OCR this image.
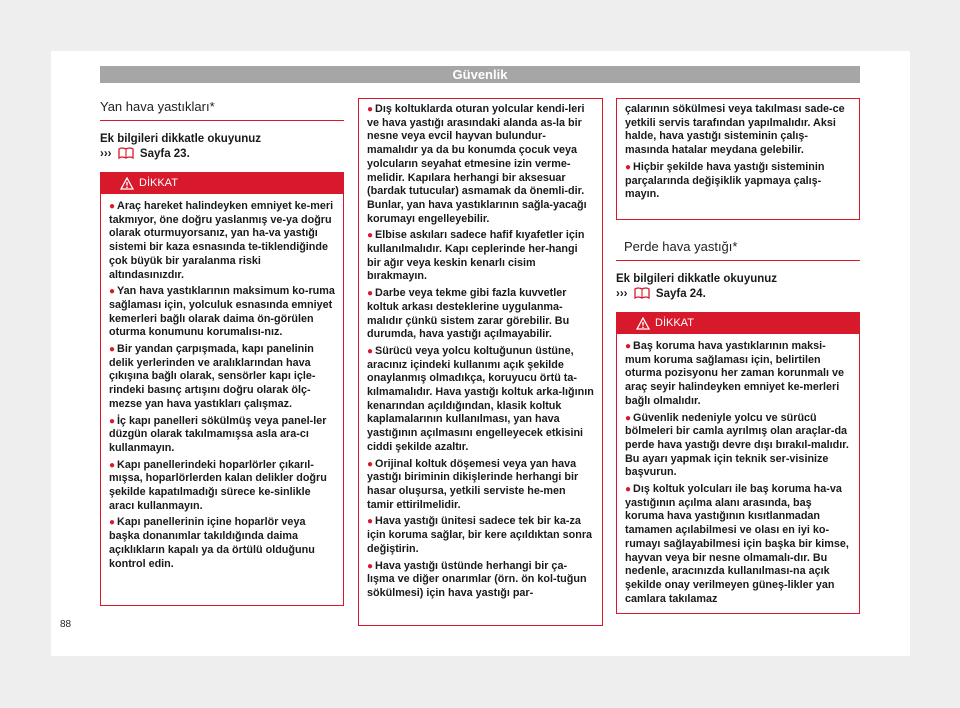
Güvenlik
Yan hava yastıkları*
Ek bilgileri dikkatle okuyunuz
››› Sayfa 23.
DİKKAT
● Araç hareket halindeyken emniyet ke-meri takmıyor, öne doğru yaslanmış ve-ya doğru olarak oturmuyorsanız, yan ha-va yastığı sistemi bir kaza esnasında te-tiklendiğinde çok büyük bir yaralanma riski altındasınızdır.
● Yan hava yastıklarının maksimum ko-ruma sağlaması için, yolculuk esnasında emniyet kemerleri bağlı olarak daima ön-görülen oturma konumunu korumalısı-nız.
● Bir yandan çarpışmada, kapı panelinin delik yerlerinden ve aralıklarından hava çıkışına bağlı olarak, sensörler kapı içle-rindeki basınç artışını doğru olarak ölç-mezse yan hava yastıkları çalışmaz.
● İç kapı panelleri sökülmüş veya panel-ler düzgün olarak takılmamışsa asla ara-cı kullanmayın.
● Kapı panellerindeki hoparlörler çıkarıl-mışsa, hoparlörlerden kalan delikler doğru şekilde kapatılmadığı sürece ke-sinlikle aracı kullanmayın.
● Kapı panellerinin içine hoparlör veya başka donanımlar takıldığında daima açıklıkların kapalı ya da örtülü olduğunu kontrol edin.
● Dış koltuklarda oturan yolcular kendi-leri ve hava yastığı arasındaki alanda as-la bir nesne veya evcil hayvan bulundur-mamalıdır ya da bu konumda çocuk veya yolcuların seyahat etmesine izin verme-melidir. Kapılara herhangi bir aksesuar (bardak tutucular) asmamak da önemli-dir. Bunlar, yan hava yastıklarının sağla-yacağı korumayı engelleyebilir.
● Elbise askıları sadece hafif kıyafetler için kullanılmalıdır. Kapı ceplerinde her-hangi bir ağır veya keskin kenarlı cisim bırakmayın.
● Darbe veya tekme gibi fazla kuvvetler koltuk arkası desteklerine uygulanma-malıdır çünkü sistem zarar görebilir. Bu durumda, hava yastığı açılmayabilir.
● Sürücü veya yolcu koltuğunun üstüne, aracınız içindeki kullanımı açık şekilde onaylanmış olmadıkça, koruyucu örtü ta-kılmamalıdır. Hava yastığı koltuk arka-lığının kenarından açıldığından, klasik koltuk kaplamalarının kullanılması, yan hava yastığının açılmasını engelleyecek etkisini ciddi şekilde azaltır.
● Orijinal koltuk döşemesi veya yan hava yastığı biriminin dikişlerinde herhangi bir hasar oluşursa, yetkili serviste he-men tamir ettirilmelidir.
● Hava yastığı ünitesi sadece tek bir ka-za için koruma sağlar, bir kere açıldıktan sonra değiştirin.
● Hava yastığı üstünde herhangi bir ça-lışma ve diğer onarımlar (örn. ön kol-tuğun sökülmesi) için hava yastığı par-
çalarının sökülmesi veya takılması sade-ce yetkili servis tarafından yapılmalıdır. Aksi halde, hava yastığı sisteminin çalış-masında hatalar meydana gelebilir.
● Hiçbir şekilde hava yastığı sisteminin parçalarında değişiklik yapmaya çalış-mayın.
Perde hava yastığı*
Ek bilgileri dikkatle okuyunuz
››› Sayfa 24.
DİKKAT
● Baş koruma hava yastıklarının maksi-mum koruma sağlaması için, belirtilen oturma pozisyonu her zaman korunmalı ve araç seyir halindeyken emniyet ke-merleri bağlı olmalıdır.
● Güvenlik nedeniyle yolcu ve sürücü bölmeleri bir camla ayrılmış olan araçlar-da perde hava yastığı devre dışı bırakıl-malıdır. Bu ayarı yapmak için teknik ser-visinize başvurun.
● Dış koltuk yolcuları ile baş koruma ha-va yastığının açılma alanı arasında, baş koruma hava yastığının kısıtlanmadan tamamen açılabilmesi ve olası en iyi ko-rumayı sağlayabilmesi için başka bir kimse, hayvan veya bir nesne olmamalı-dır. Bu nedenle, aracınızda kullanılması-na açık şekilde onay verilmeyen güneş-likler yan camlara takılamaz
88
